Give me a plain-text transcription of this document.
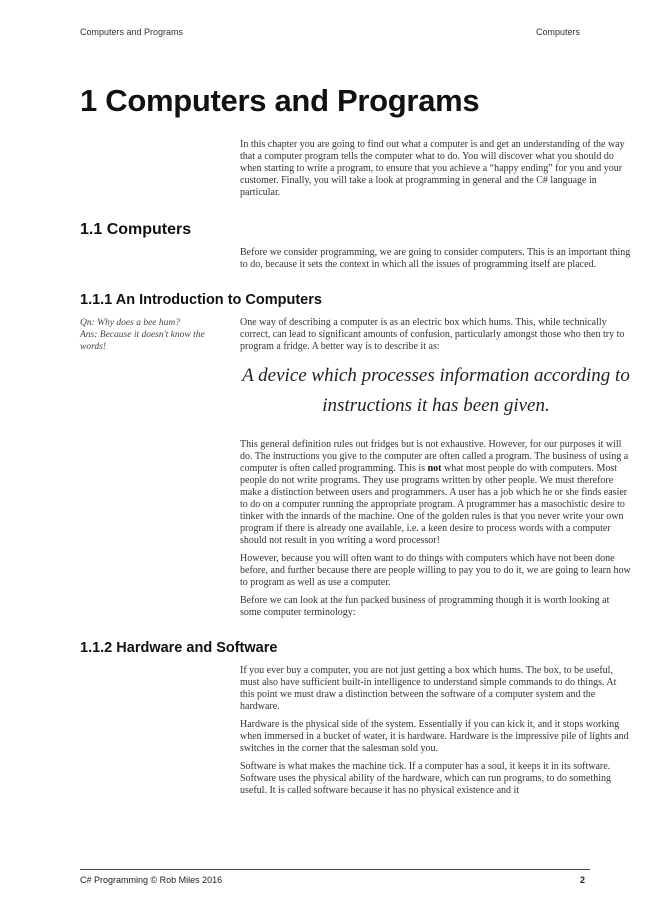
Computers and Programs	Computers
1 Computers and Programs

In this chapter you are going to find out what a computer is and get an understanding of the way that a computer program tells the computer what to do. You will discover what you should do when starting to write a program, to ensure that you achieve a “happy ending” for you and your customer. Finally, you will take a look at programming in general and the C# language in particular.

1.1 Computers

Before we consider programming, we are going to consider computers. This is an important thing to do, because it sets the context in which all the issues of programming itself are placed.

1.1.1 An Introduction to Computers

Qn: Why does a bee hum?
Ans: Because it doesn't know the words!
One way of describing a computer is as an electric box which hums. This, while technically correct, can lead to significant amounts of confusion, particularly amongst those who then try to program a fridge. A better way is to describe it as:

A device which processes information according to
instructions it has been given.

This general definition rules out fridges but is not exhaustive. However, for our purposes it will do. The instructions you give to the computer are often called a program. The business of using a computer is often called programming. This is not what most people do with computers. Most people do not write programs. They use programs written by other people. We must therefore make a distinction between users and programmers. A user has a job which he or she finds easier to do on a computer running the appropriate program. A programmer has a masochistic desire to tinker with the innards of the machine. One of the golden rules is that you never write your own program if there is already one available, i.e. a keen desire to process words with a computer should not result in you writing a word processor!

However, because you will often want to do things with computers which have not been done before, and further because there are people willing to pay you to do it, we are going to learn how to program as well as use a computer.

Before we can look at the fun packed business of programming though it is worth looking at some computer terminology:

1.1.2 Hardware and Software

If you ever buy a computer, you are not just getting a box which hums. The box, to be useful, must also have sufficient built-in intelligence to understand simple commands to do things. At this point we must draw a distinction between the software of a computer system and the hardware.

Hardware is the physical side of the system. Essentially if you can kick it, and it stops working when immersed in a bucket of water, it is hardware. Hardware is the impressive pile of lights and switches in the corner that the salesman sold you.

Software is what makes the machine tick. If a computer has a soul, it keeps it in its software. Software uses the physical ability of the hardware, which can run programs, to do something useful. It is called software because it has no physical existence and it

C# Programming © Rob Miles 2016	2
